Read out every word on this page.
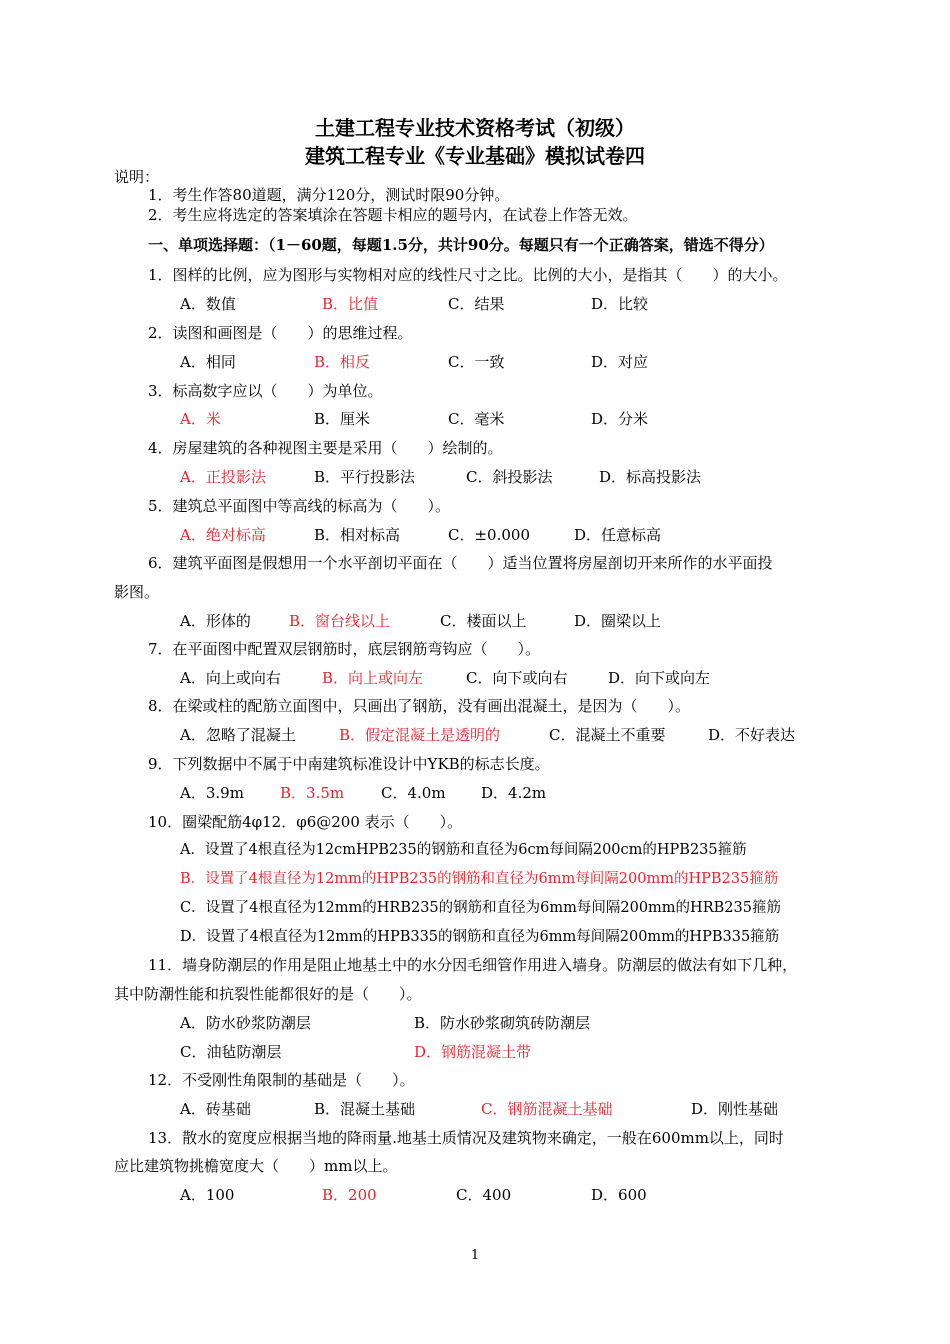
土建工程专业技术资格考试（初级）
建筑工程专业《专业基础》模拟试卷四
说明：
1．考生作答80道题，满分120分，测试时限90分钟。
2．考生应将选定的答案填涂在答题卡相应的题号内，在试卷上作答无效。
一、单项选择题：（1－60题，每题1.5分，共计90分。每题只有一个正确答案，错选不得分）
1．图样的比例，应为图形与实物相对应的线性尺寸之比。比例的大小，是指其（　　）的大小。
A．数值	B．比值	C．结果	D．比较
2．读图和画图是（　　）的思维过程。
A．相同	B．相反	C．一致	D．对应
3．标高数字应以（　　）为单位。
A．米	B．厘米	C．毫米	D．分米
4．房屋建筑的各种视图主要是采用（　　）绘制的。
A．正投影法	B．平行投影法	C．斜投影法	D．标高投影法
5．建筑总平面图中等高线的标高为（　　）。
A．绝对标高	B．相对标高	C．±0.000	D．任意标高
6．建筑平面图是假想用一个水平剖切平面在（　　）适当位置将房屋剖切开来所作的水平面投
影图。
A．形体的	B．窗台线以上	C．楼面以上	D．圈梁以上
7．在平面图中配置双层钢筋时，底层钢筋弯钩应（　　）。
A．向上或向右	B．向上或向左	C．向下或向右	D．向下或向左
8．在梁或柱的配筋立面图中，只画出了钢筋，没有画出混凝土，是因为（　　）。
A．忽略了混凝土	B．假定混凝土是透明的	C．混凝土不重要	D．不好表达
9．下列数据中不属于中南建筑标准设计中YKB的标志长度。
A．3.9m B．3.5m C．4.0m D．4.2m
10．圈梁配筋4φ12．φ6@200 表示（　　）。
A．设置了4根直径为12cmHPB235的钢筋和直径为6cm每间隔200cm的HPB235箍筋
B．设置了4根直径为12mm的HPB235的钢筋和直径为6mm每间隔200mm的HPB235箍筋
C．设置了4根直径为12mm的HRB235的钢筋和直径为6mm每间隔200mm的HRB235箍筋
D．设置了4根直径为12mm的HPB335的钢筋和直径为6mm每间隔200mm的HPB335箍筋
11．墙身防潮层的作用是阻止地基土中的水分因毛细管作用进入墙身。防潮层的做法有如下几种，
其中防潮性能和抗裂性能都很好的是（　　）。
A．防水砂浆防潮层	B．防水砂浆砌筑砖防潮层
C．油毡防潮层	D．钢筋混凝土带
12．不受刚性角限制的基础是（　　）。
A．砖基础	B．混凝土基础	C．钢筋混凝土基础	D．刚性基础
13．散水的宽度应根据当地的降雨量.地基土质情况及建筑物来确定，一般在600mm以上，同时
应比建筑物挑檐宽度大（　　）mm以上。
A．100	B．200	C．400	D．600
1
